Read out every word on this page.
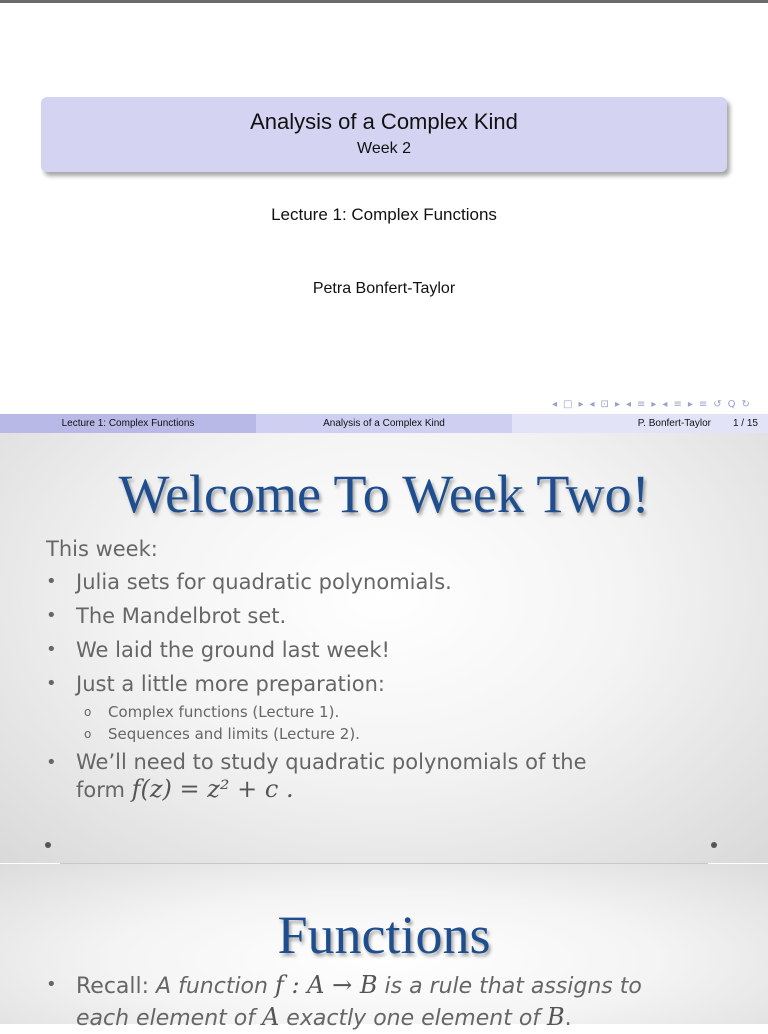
Analysis of a Complex Kind
Week 2
Lecture 1: Complex Functions
Petra Bonfert-Taylor
◂ □ ▸ ◂ ⊡ ▸ ◂ ≡ ▸ ◂ ≡ ▸ ≡ ↺ Q ↻
Lecture 1: Complex Functions	Analysis of a Complex Kind	P. Bonfert-Taylor 1 / 15
Welcome To Week Two!
This week:
• Julia sets for quadratic polynomials.
• The Mandelbrot set.
• We laid the ground last week!
• Just a little more preparation:
o Complex functions (Lecture 1).
o Sequences and limits (Lecture 2).
• We’ll need to study quadratic polynomials of the
form f(z) = z² + c .
Functions
• Recall: A function f : A → B is a rule that assigns to
each element of A exactly one element of B.
